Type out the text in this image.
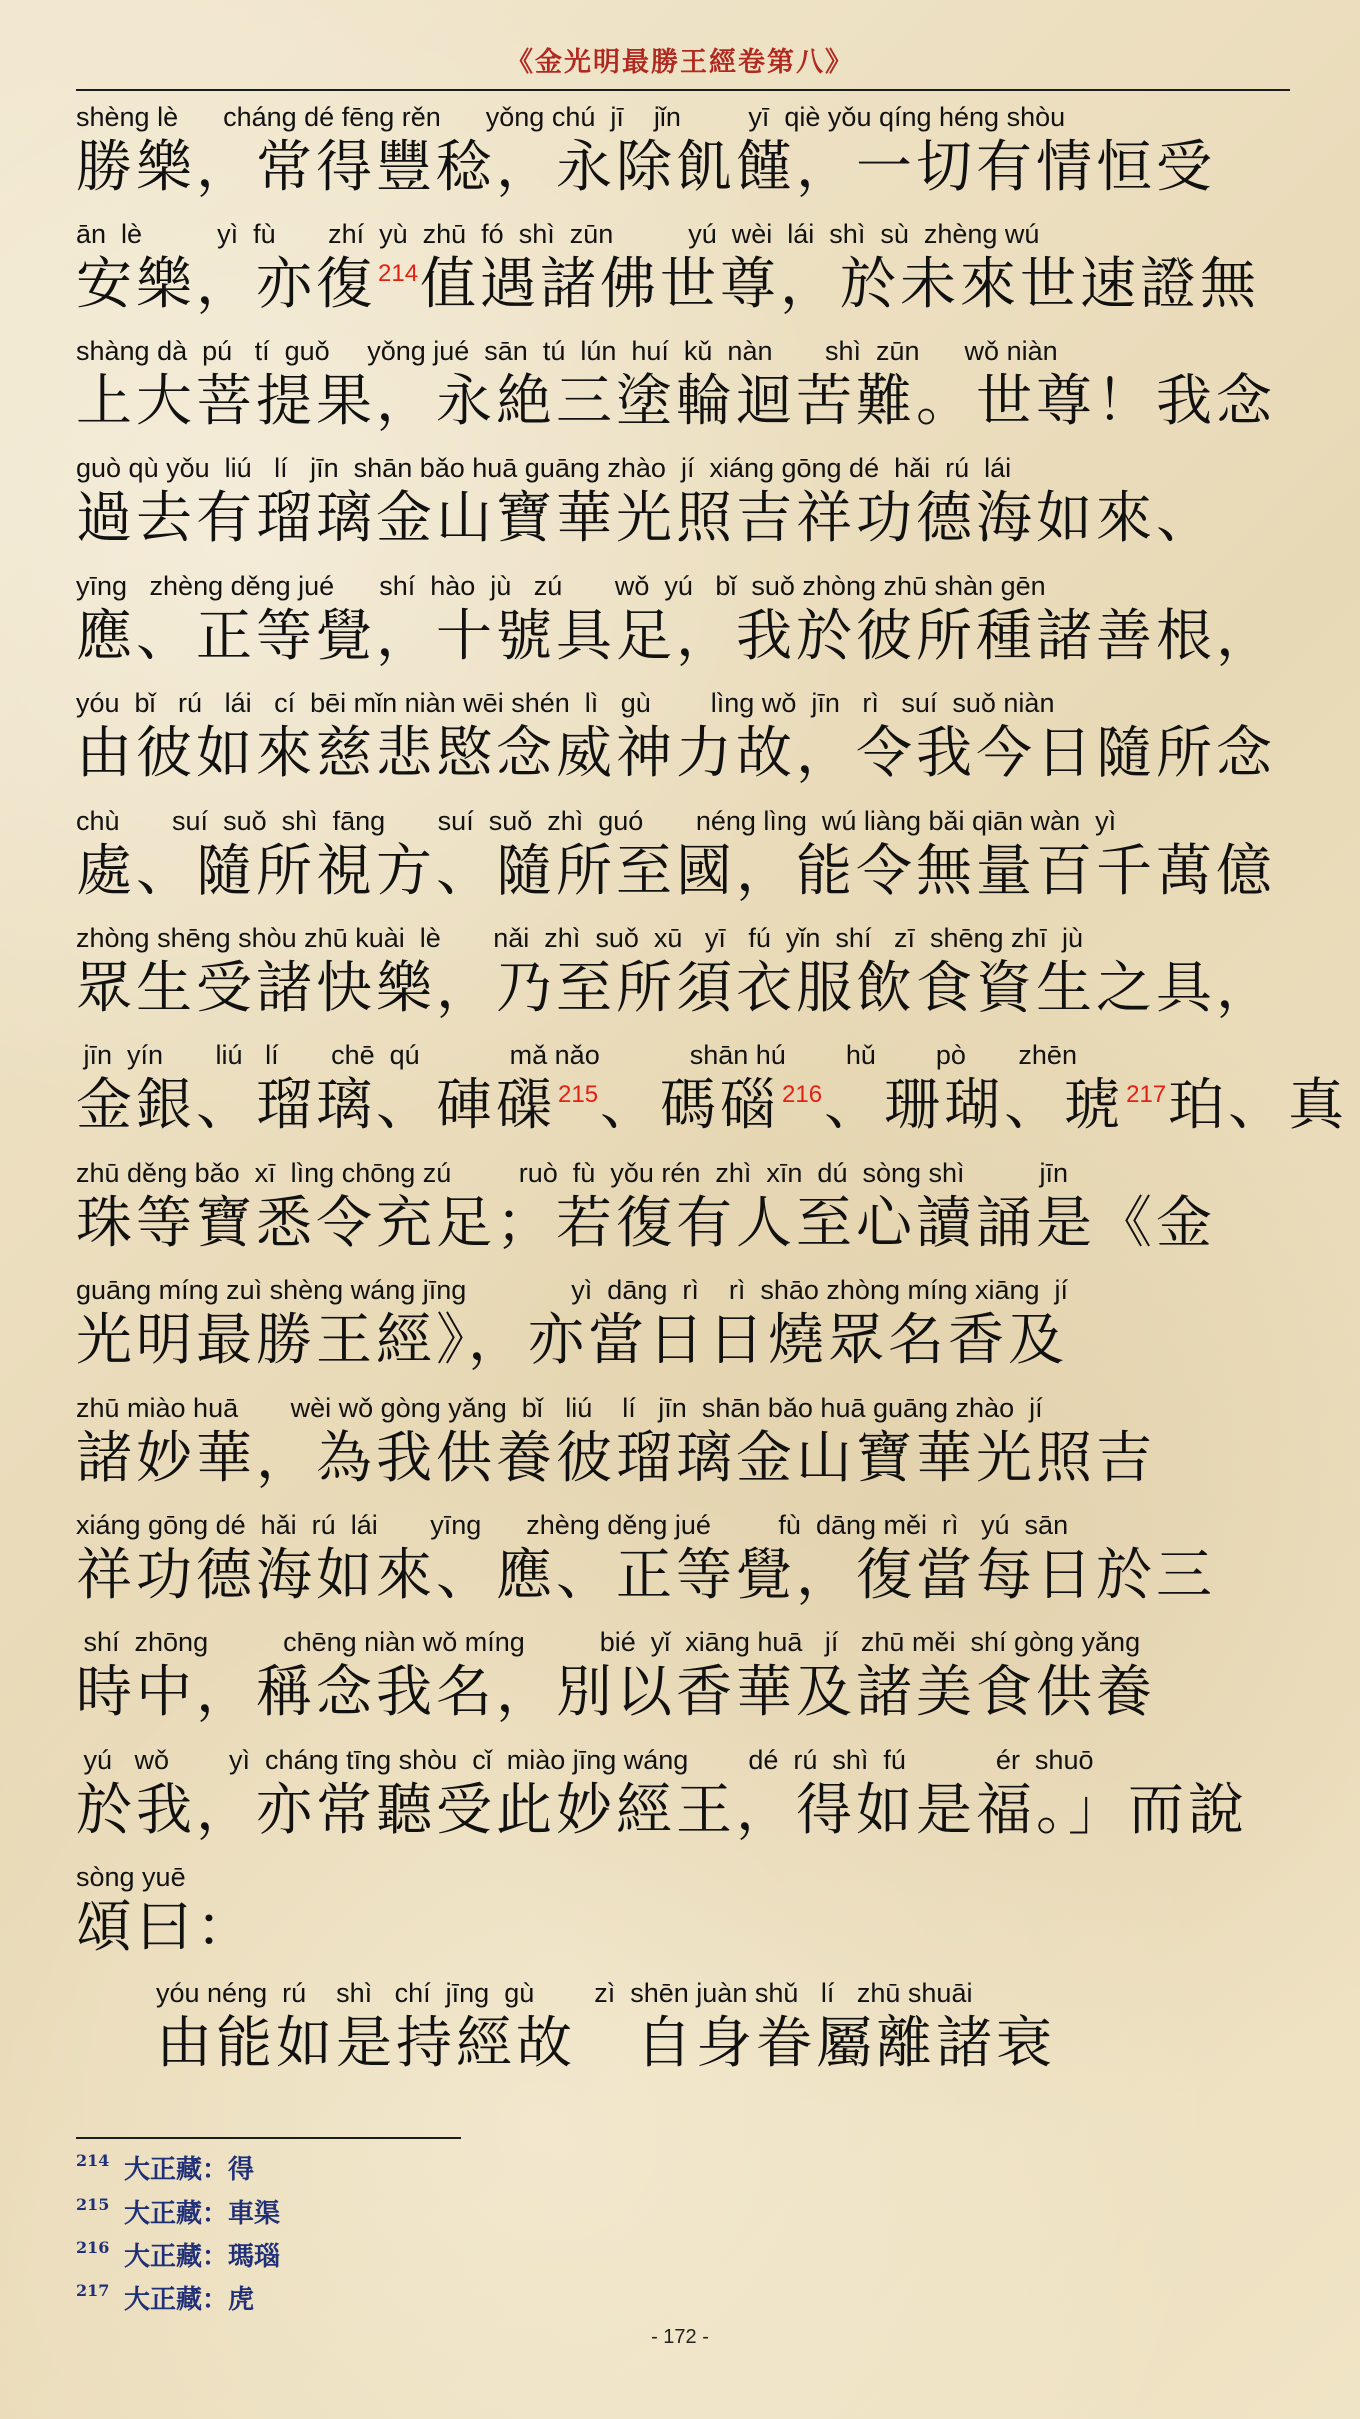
《金光明最勝王經卷第八》
shèng lè      cháng dé fēng rěn      yǒng chú  jī    jǐn         yī  qiè yǒu qíng héng shòu
勝樂，常得豐稔，永除飢饉，一切有情恒受
ān  lè          yì  fù       zhí  yù  zhū  fó  shì  zūn          yú  wèi  lái  shì  sù  zhèng wú
安樂，亦復214值遇諸佛世尊，於未來世速證無
shàng dà  pú   tí  guǒ     yǒng jué  sān  tú  lún  huí  kǔ  nàn       shì  zūn      wǒ niàn
上大菩提果，永絶三塗輪迴苦難。世尊！我念
guò qù yǒu  liú   lí   jīn  shān bǎo huā guāng zhào  jí  xiáng gōng dé  hǎi  rú  lái
過去有瑠璃金山寶華光照吉祥功德海如來、
yīng   zhèng děng jué      shí  hào  jù   zú       wǒ  yú   bǐ  suǒ zhòng zhū shàn gēn
應、正等覺，十號具足，我於彼所種諸善根，
yóu  bǐ   rú   lái   cí  bēi mǐn niàn wēi shén  lì   gù        lìng wǒ  jīn   rì   suí  suǒ niàn
由彼如來慈悲愍念威神力故，令我今日隨所念
chù       suí  suǒ  shì  fāng       suí  suǒ  zhì  guó       néng lìng  wú liàng bǎi qiān wàn  yì
處、隨所視方、隨所至國，能令無量百千萬億
zhòng shēng shòu zhū kuài  lè       nǎi  zhì  suǒ  xū   yī   fú  yǐn  shí   zī  shēng zhī  jù
眾生受諸快樂，乃至所須衣服飲食資生之具，
jīn  yín       liú   lí       chē  qú            mǎ nǎo            shān hú        hǔ        pò       zhēn
金銀、瑠璃、硨磲215、碼碯216、珊瑚、琥217珀、真
zhū děng bǎo  xī  lìng chōng zú         ruò  fù  yǒu rén  zhì  xīn  dú  sòng shì          jīn
珠等寶悉令充足；若復有人至心讀誦是《金
guāng míng zuì shèng wáng jīng              yì  dāng  rì    rì  shāo zhòng míng xiāng  jí
光明最勝王經》，亦當日日燒眾名香及
zhū miào huā       wèi wǒ gòng yǎng  bǐ   liú    lí   jīn  shān bǎo huā guāng zhào  jí
諸妙華，為我供養彼瑠璃金山寶華光照吉
xiáng gōng dé  hǎi  rú  lái       yīng      zhèng děng jué         fù  dāng měi  rì   yú  sān
祥功德海如來、應、正等覺，復當每日於三
shí  zhōng          chēng niàn wǒ míng          bié  yǐ  xiāng huā   jí   zhū měi  shí gòng yǎng
時中，稱念我名，別以香華及諸美食供養
yú   wǒ        yì  cháng tīng shòu  cǐ  miào jīng wáng        dé  rú  shì  fú            ér  shuō
於我，亦常聽受此妙經王，得如是福。」而說
sòng yuē
頌曰：
yóu néng  rú    shì   chí  jīng  gù        zì  shēn juàn shǔ   lí   zhū shuāi
由能如是持經故　自身眷屬離諸衰
214 大正藏：得
215 大正藏：車渠
216 大正藏：瑪瑙
217 大正藏：虎
- 172 -
